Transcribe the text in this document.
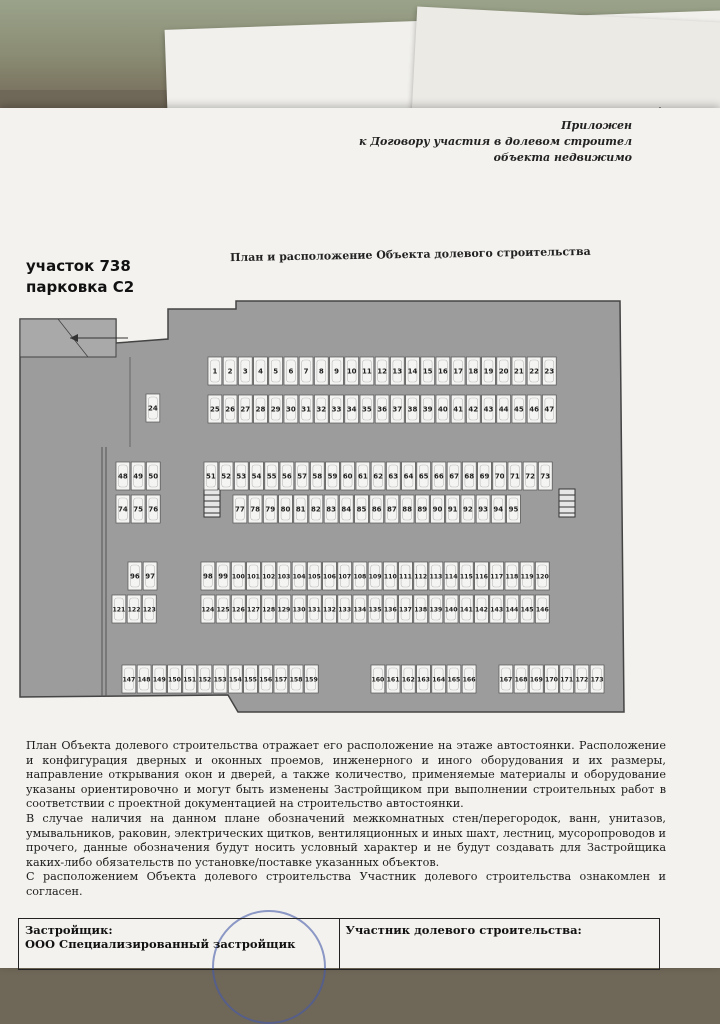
Приложен
к Договору участия в долевом строител
объекта недвижимо
План и расположение Объекта долевого строительства
участок 738
парковка С2
1 2 3 4 5 6 7 8 9 10 11 12 13 14 15 16 17 18 19 20 21 22 23
25 26 27 28 29 30 31 32 33 34 35 36 37 38 39 40 41 42 43 44 45 46 47
48 49 50	51 52 53 54 55 56 57 58 59 60 61 62 63 64 65 66 67 68 69 70 71 72 73
74 75 76	77 78 79 80 81 82 83 84 85 86 87 88 89 90 91 92 93 94 95
96 97	98 99 100 101 102 103 104 105 106 107 108 109 110 111 112 113 114 115 116 117 118 119 120
121 122 123	124 125 126 127 128 129 130 131 132 133 134 135 136 137 138 139 140 141 142 143 144 145 146
147 148 149 150 151 152 153 154 155 156 157 158 159	160 161 162 163 164 165 166	167 168 169 170 171 172 173
24

План Объекта долевого строительства отражает его расположение на этаже автостоянки. Расположение и конфигурация дверных и оконных проемов, инженерного и иного оборудования и их размеры, направление открывания окон и дверей, а также количество, применяемые материалы и оборудование указаны ориентировочно и могут быть изменены Застройщиком при выполнении строительных работ в соответствии с проектной документацией на строительство автостоянки.

В случае наличия на данном плане обозначений межкомнатных стен/перегородок, ванн, унитазов, умывальников, раковин, электрических щитков, вентиляционных и иных шахт, лестниц, мусоропроводов и прочего, данные обозначения будут носить условный характер и не будут создавать для Застройщика каких-либо обязательств по установке/поставке указанных объектов.

С расположением Объекта долевого строительства Участник долевого строительства ознакомлен и согласен.

Застройщик:
ООО Специализированный застройщик
Участник долевого строительства:
